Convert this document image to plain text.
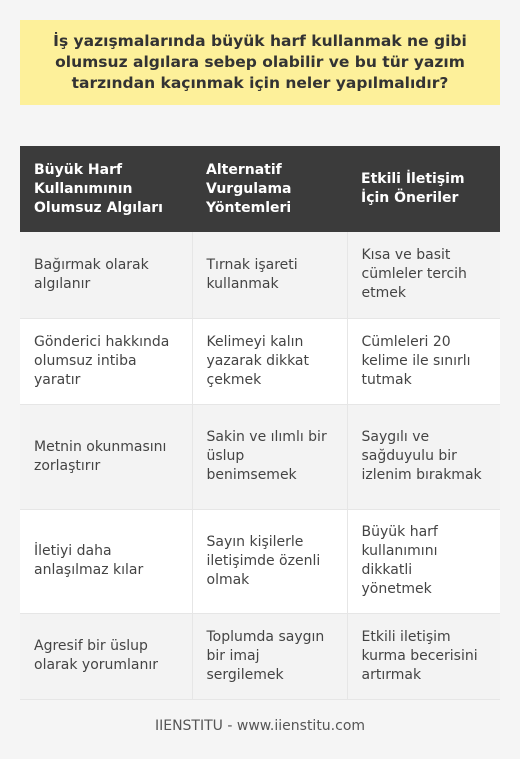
İş yazışmalarında büyük harf kullanmak ne gibi olumsuz algılara sebep olabilir ve bu tür yazım tarzından kaçınmak için neler yapılmalıdır?
Büyük Harf Kullanımının Olumsuz Algıları	Alternatif Vurgulama Yöntemleri	Etkili İletişim İçin Öneriler
Bağırmak olarak algılanır	Tırnak işareti kullanmak	Kısa ve basit cümleler tercih etmek
Gönderici hakkında olumsuz intiba yaratır	Kelimeyi kalın yazarak dikkat çekmek	Cümleleri 20 kelime ile sınırlı tutmak
Metnin okunmasını zorlaştırır	Sakin ve ılımlı bir üslup benimsemek	Saygılı ve sağduyulu bir izlenim bırakmak
İletiyi daha anlaşılmaz kılar	Sayın kişilerle iletişimde özenli olmak	Büyük harf kullanımını dikkatli yönetmek
Agresif bir üslup olarak yorumlanır	Toplumda saygın bir imaj sergilemek	Etkili iletişim kurma becerisini artırmak
IIENSTITU - www.iienstitu.com
